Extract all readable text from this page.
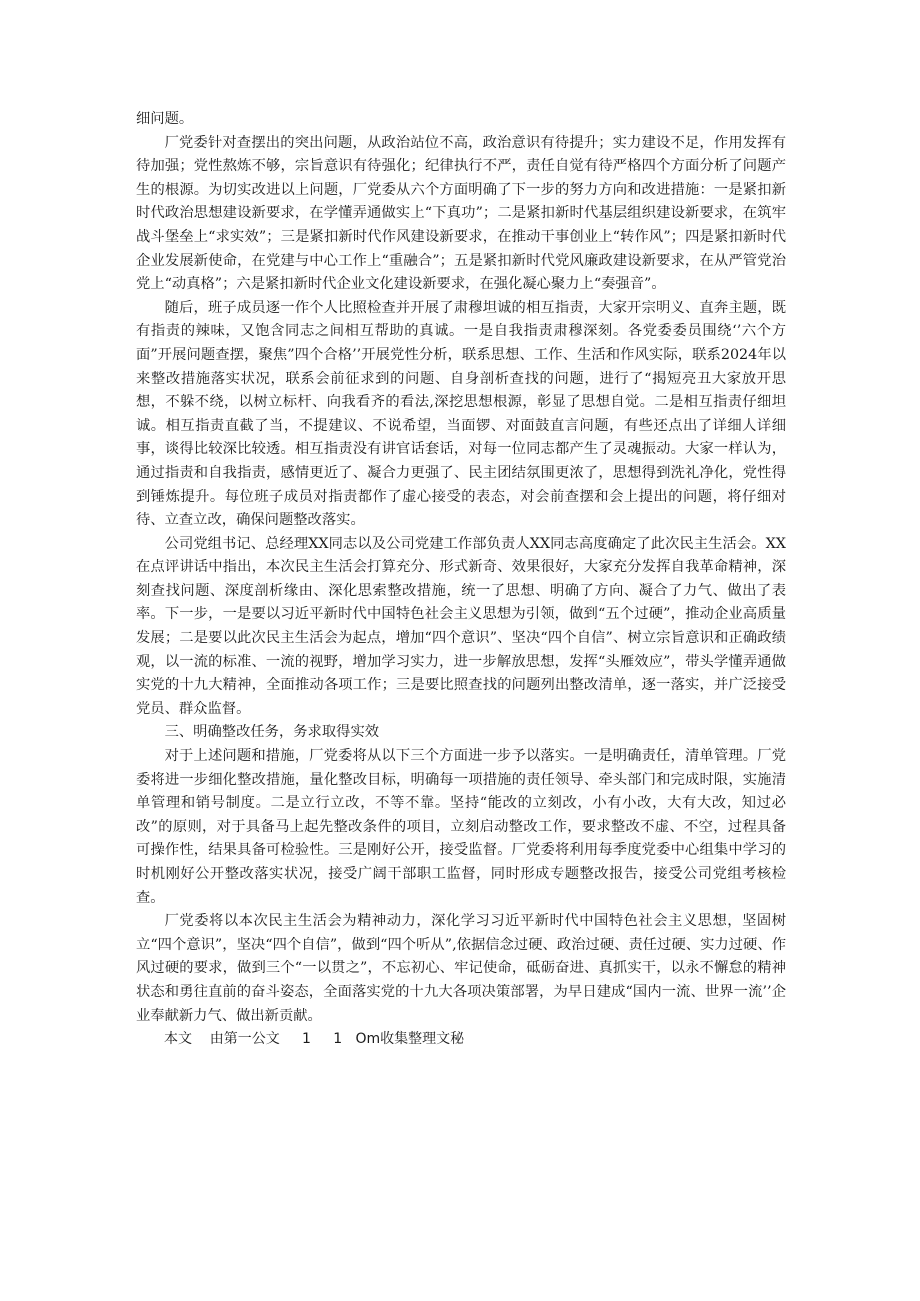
细问题。

厂党委针对查摆出的突出问题，从政治站位不高，政治意识有待提升；实力建设不足，作用发挥有待加强；党性熬炼不够，宗旨意识有待强化；纪律执行不严，责任自觉有待严格四个方面分析了问题产生的根源。为切实改进以上问题，厂党委从六个方面明确了下一步的努力方向和改进措施：一是紧扣新时代政治思想建设新要求，在学懂弄通做实上“下真功”；二是紧扣新时代基层组织建设新要求，在筑牢战斗堡垒上“求实效”；三是紧扣新时代作风建设新要求，在推动干事创业上“转作风”；四是紧扣新时代企业发展新使命，在党建与中心工作上“重融合”；五是紧扣新时代党风廉政建设新要求，在从严管党治党上“动真格”；六是紧扣新时代企业文化建设新要求，在强化凝心聚力上“奏强音”。

随后，班子成员逐一作个人比照检查并开展了肃穆坦诚的相互指责，大家开宗明义、直奔主题，既有指责的辣味，又饱含同志之间相互帮助的真诚。一是自我指责肃穆深刻。各党委委员围绕‘’六个方面”开展问题查摆，聚焦”四个合格’’开展党性分析，联系思想、工作、生活和作风实际，联系2024年以来整改措施落实状况，联系会前征求到的问题、自身剖析查找的问题，进行了“揭短亮丑大家放开思想，不躲不绕，以树立标杆、向我看齐的看法,深挖思想根源，彰显了思想自觉。二是相互指责仔细坦诚。相互指责直截了当，不提建议、不说希望，当面锣、对面鼓直言问题，有些还点出了详细人详细事，谈得比较深比较透。相互指责没有讲官话套话，对每一位同志都产生了灵魂振动。大家一样认为，通过指责和自我指责，感情更近了、凝合力更强了、民主团结氛围更浓了，思想得到洗礼净化，党性得到锤炼提升。每位班子成员对指责都作了虚心接受的表态，对会前查摆和会上提出的问题，将仔细对待、立查立改，确保问题整改落实。

公司党组书记、总经理XX同志以及公司党建工作部负责人XX同志高度确定了此次民主生活会。XX在点评讲话中指出，本次民主生活会打算充分、形式新奇、效果很好，大家充分发挥自我革命精神，深刻查找问题、深度剖析缘由、深化思索整改措施，统一了思想、明确了方向、凝合了力气、做出了表率。下一步，一是要以习近平新时代中国特色社会主义思想为引领，做到“五个过硬”，推动企业高质量发展；二是要以此次民主生活会为起点，增加“四个意识”、坚决“四个自信”、树立宗旨意识和正确政绩观，以一流的标准、一流的视野，增加学习实力，进一步解放思想，发挥“头雁效应”，带头学懂弄通做实党的十九大精神，全面推动各项工作；三是要比照查找的问题列出整改清单，逐一落实，并广泛接受党员、群众监督。

三、明确整改任务，务求取得实效

对于上述问题和措施，厂党委将从以下三个方面进一步予以落实。一是明确责任，清单管理。厂党委将进一步细化整改措施，量化整改目标，明确每一项措施的责任领导、牵头部门和完成时限，实施清单管理和销号制度。二是立行立改，不等不靠。坚持“能改的立刻改，小有小改，大有大改，知过必改”的原则，对于具备马上起先整改条件的项目，立刻启动整改工作，要求整改不虚、不空，过程具备可操作性，结果具备可检验性。三是刚好公开，接受监督。厂党委将利用每季度党委中心组集中学习的时机刚好公开整改落实状况，接受广阔干部职工监督，同时形成专题整改报告，接受公司党组考核检查。

厂党委将以本次民主生活会为精神动力，深化学习习近平新时代中国特色社会主义思想，坚固树立“四个意识”，坚决“四个自信”，做到“四个听从”,依据信念过硬、政治过硬、责任过硬、实力过硬、作风过硬的要求，做到三个“一以贯之”，不忘初心、牢记使命，砥砺奋进、真抓实干，以永不懈怠的精神状态和勇往直前的奋斗姿态，全面落实党的十九大各项决策部署，为早日建成“国内一流、世界一流’’企业奉献新力气、做出新贡献。

本文    由第一公文     1     1   Om收集整理文秘
